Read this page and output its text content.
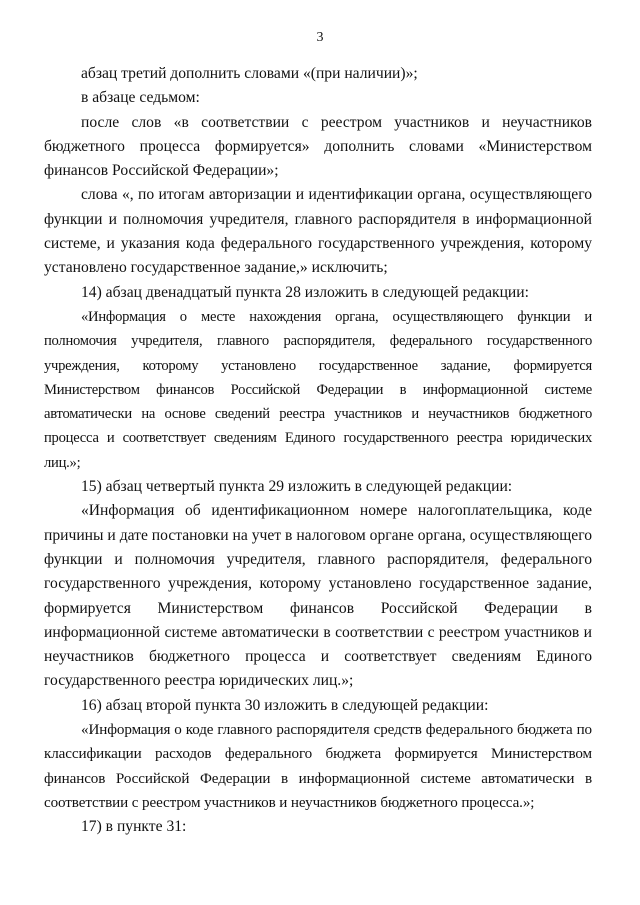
3

абзац третий дополнить словами «(при наличии)»;

в абзаце седьмом:

после слов «в соответствии с реестром участников и неучастников бюджетного процесса формируется» дополнить словами «Министерством финансов Российской Федерации»;

слова «, по итогам авторизации и идентификации органа, осуществляющего функции и полномочия учредителя, главного распорядителя в информационной системе, и указания кода федерального государственного учреждения, которому установлено государственное задание,» исключить;

14) абзац двенадцатый пункта 28 изложить в следующей редакции:

«Информация о месте нахождения органа, осуществляющего функции и полномочия учредителя, главного распорядителя, федерального государственного учреждения, которому установлено государственное задание, формируется Министерством финансов Российской Федерации в информационной системе автоматически на основе сведений реестра участников и неучастников бюджетного процесса и соответствует сведениям Единого государственного реестра юридических лиц.»;

15) абзац четвертый пункта 29 изложить в следующей редакции:

«Информация об идентификационном номере налогоплательщика, коде причины и дате постановки на учет в налоговом органе органа, осуществляющего функции и полномочия учредителя, главного распорядителя, федерального государственного учреждения, которому установлено государственное задание, формируется Министерством финансов Российской Федерации в информационной системе автоматически в соответствии с реестром участников и неучастников бюджетного процесса и соответствует сведениям Единого государственного реестра юридических лиц.»;

16) абзац второй пункта 30 изложить в следующей редакции:

«Информация о коде главного распорядителя средств федерального бюджета по классификации расходов федерального бюджета формируется Министерством финансов Российской Федерации в информационной системе автоматически в соответствии с реестром участников и неучастников бюджетного процесса.»;

17) в пункте 31:
